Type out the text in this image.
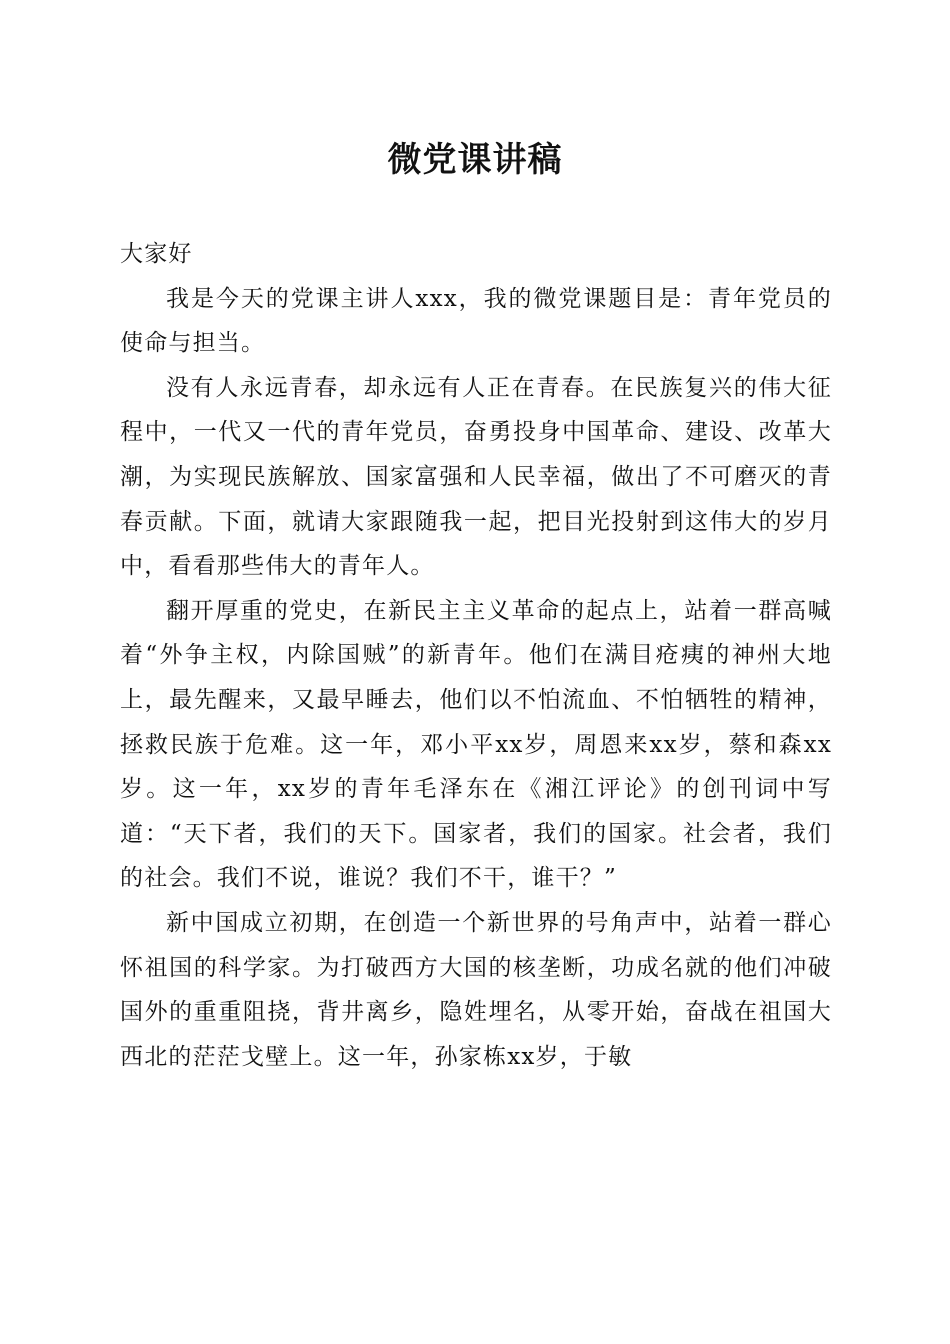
微党课讲稿

大家好

我是今天的党课主讲人xxx，我的微党课题目是：青年党员的使命与担当。

没有人永远青春，却永远有人正在青春。在民族复兴的伟大征程中，一代又一代的青年党员，奋勇投身中国革命、建设、改革大潮，为实现民族解放、国家富强和人民幸福，做出了不可磨灭的青春贡献。下面，就请大家跟随我一起，把目光投射到这伟大的岁月中，看看那些伟大的青年人。

翻开厚重的党史，在新民主主义革命的起点上，站着一群高喊着“外争主权，内除国贼”的新青年。他们在满目疮痍的神州大地上，最先醒来，又最早睡去，他们以不怕流血、不怕牺牲的精神，拯救民族于危难。这一年，邓小平xx岁，周恩来xx岁，蔡和森xx岁。这一年，xx岁的青年毛泽东在《湘江评论》的创刊词中写道：“天下者，我们的天下。国家者，我们的国家。社会者，我们的社会。我们不说，谁说？我们不干，谁干？”

新中国成立初期，在创造一个新世界的号角声中，站着一群心怀祖国的科学家。为打破西方大国的核垄断，功成名就的他们冲破国外的重重阻挠，背井离乡，隐姓埋名，从零开始，奋战在祖国大西北的茫茫戈壁上。这一年，孙家栋xx岁，于敏
